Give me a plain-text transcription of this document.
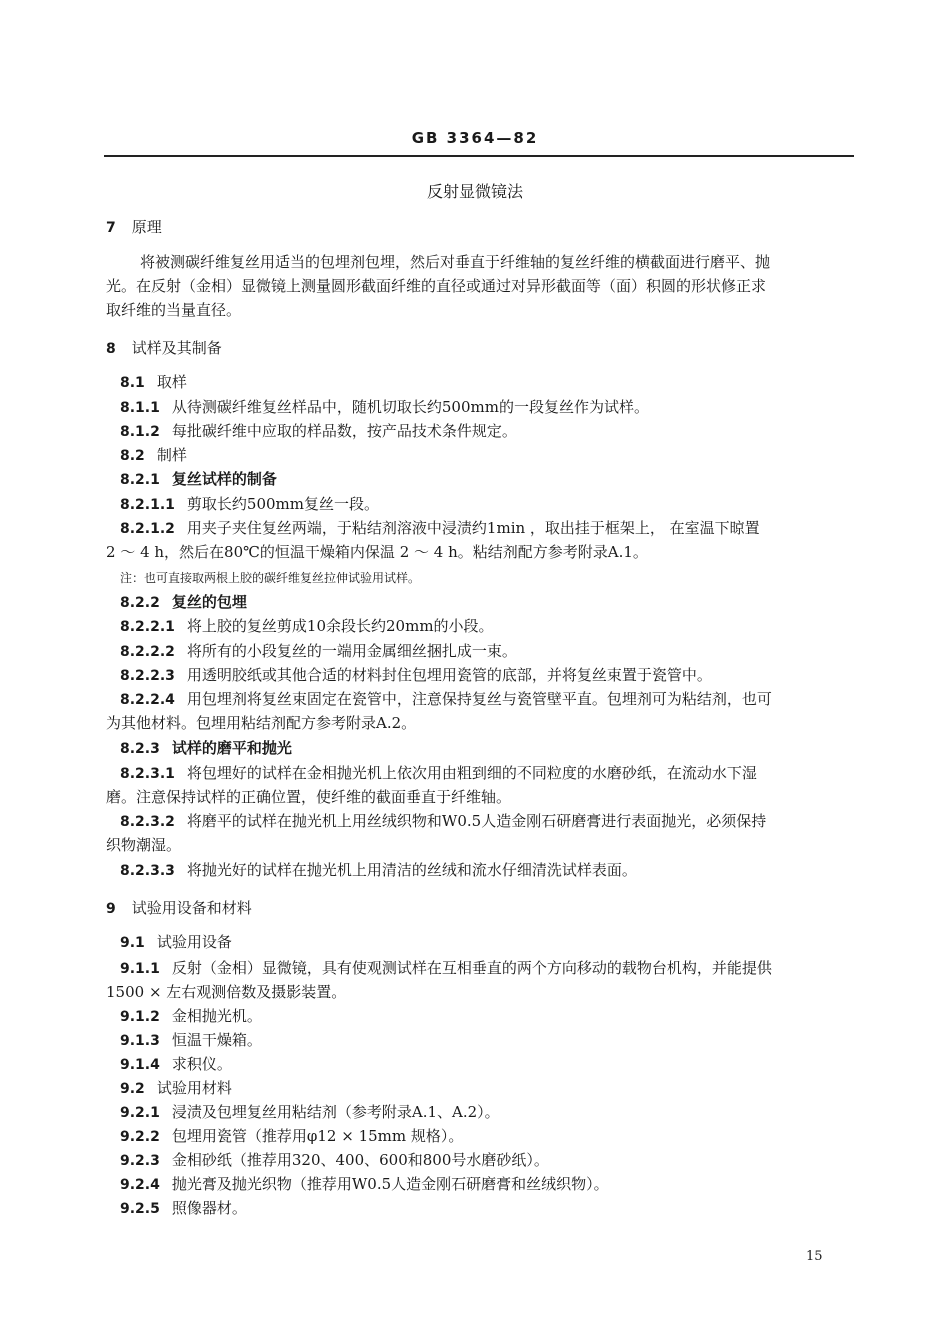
GB 3364—82
反射显微镜法
7 原理
将被测碳纤维复丝用适当的包埋剂包埋，然后对垂直于纤维轴的复丝纤维的横截面进行磨平、抛
光。在反射（金相）显微镜上测量圆形截面纤维的直径或通过对异形截面等（面）积圆的形状修正求
取纤维的当量直径。
8 试样及其制备
8.1 取样
8.1.1 从待测碳纤维复丝样品中，随机切取长约500mm的一段复丝作为试样。
8.1.2 每批碳纤维中应取的样品数，按产品技术条件规定。
8.2 制样
8.2.1 复丝试样的制备
8.2.1.1 剪取长约500mm复丝一段。
8.2.1.2 用夹子夹住复丝两端，于粘结剂溶液中浸渍约1min ，取出挂于框架上， 在室温下晾置
2 ～ 4 h，然后在80℃的恒温干燥箱内保温 2 ～ 4 h。粘结剂配方参考附录A.1。
注：也可直接取两根上胶的碳纤维复丝拉伸试验用试样。
8.2.2 复丝的包埋
8.2.2.1 将上胶的复丝剪成10余段长约20mm的小段。
8.2.2.2 将所有的小段复丝的一端用金属细丝捆扎成一束。
8.2.2.3 用透明胶纸或其他合适的材料封住包埋用瓷管的底部，并将复丝束置于瓷管中。
8.2.2.4 用包埋剂将复丝束固定在瓷管中，注意保持复丝与瓷管壁平直。包埋剂可为粘结剂，也可
为其他材料。包埋用粘结剂配方参考附录A.2。
8.2.3 试样的磨平和抛光
8.2.3.1 将包埋好的试样在金相抛光机上依次用由粗到细的不同粒度的水磨砂纸，在流动水下湿
磨。注意保持试样的正确位置，使纤维的截面垂直于纤维轴。
8.2.3.2 将磨平的试样在抛光机上用丝绒织物和W0.5人造金刚石研磨膏进行表面抛光，必须保持
织物潮湿。
8.2.3.3 将抛光好的试样在抛光机上用清洁的丝绒和流水仔细清洗试样表面。
9 试验用设备和材料
9.1 试验用设备
9.1.1 反射（金相）显微镜，具有使观测试样在互相垂直的两个方向移动的载物台机构，并能提供
1500 × 左右观测倍数及摄影装置。
9.1.2 金相抛光机。
9.1.3 恒温干燥箱。
9.1.4 求积仪。
9.2 试验用材料
9.2.1 浸渍及包埋复丝用粘结剂（参考附录A.1、A.2）。
9.2.2 包埋用瓷管（推荐用φ12 × 15mm 规格）。
9.2.3 金相砂纸（推荐用320、400、600和800号水磨砂纸）。
9.2.4 抛光膏及抛光织物（推荐用W0.5人造金刚石研磨膏和丝绒织物）。
9.2.5 照像器材。
15
